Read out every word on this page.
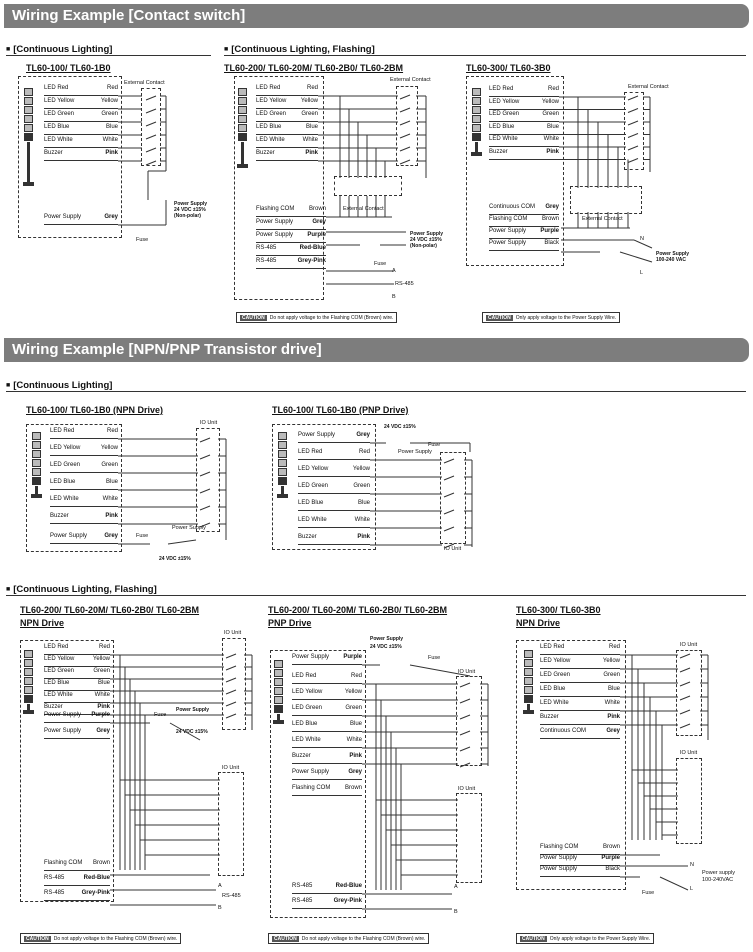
Wiring Example [Contact switch]
■ [Continuous Lighting]
■	[Continuous Lighting, Flashing]
TL60-100/ TL60-1B0
LED Red	Red
LED Yellow	Yellow
LED Green	Green
LED Blue	Blue
LED White	White
Buzzer	Pink
Power Supply	Grey
External Contact
Power Supply
24 VDC ±15%
(Non-polar)
Fuse
TL60-200/ TL60-20M/ TL60-2B0/ TL60-2BM
LED Red	Red
LED Yellow Yellow
LED Green	Green
LED Blue	Blue
LED White	White
Buzzer	Pink
Flashing COM Brown
Power Supply	Grey
Power Supply Purple
RS-485	Red-Blue
RS-485	Grey-Pink
External Contact
External Contact
Power Supply
24 VDC ±15%
(Non-polar)
Fuse
A
RS-485
B
CAUTION Do not apply voltage to the Flashing COM (Brown) wire.
TL60-300/ TL60-3B0
LED Red	Red
LED Yellow	Yellow
LED Green	Green
LED Blue	Blue
LED White	White
Buzzer	Pink
Continuous COM Grey
Flashing COM Brown
Power Supply Purple
Power Supply	Black
External Contact
External Contact
N
L
Power Supply
100-240 VAC
CAUTION Only apply voltage to the Power Supply Wire.
Wiring Example [NPN/PNP Transistor drive]
■ [Continuous Lighting]
TL60-100/ TL60-1B0 (NPN Drive)
LED Red	Red
LED Yellow	Yellow
LED Green	Green
LED Blue	Blue
LED White	White
Buzzer	Pink
Power Supply	Grey
IO Unit
Power Supply
Fuse
24 VDC ±15%
TL60-100/ TL60-1B0 (PNP Drive)
Power Supply	Grey
LED Red	Red
LED Yellow	Yellow
LED Green	Green
LED Blue	Blue
LED White	White
Buzzer	Pink
24 VDC ±15%
Power Supply
Fuse
IO Unit
■ [Continuous Lighting, Flashing]
TL60-200/ TL60-20M/ TL60-2B0/ TL60-2BM
NPN Drive
LED Red	Red
LED Yellow	Yellow
LED Green	Green
LED Blue	Blue
LED White	White
Buzzer	Pink
Power Supply Purple
Power Supply	Grey
Flashing COM Brown
RS-485	Red-Blue
RS-485	Grey-Pink
IO Unit
IO Unit
Fuse
Power Supply
24 VDC ±15%
A
RS-485
B
CAUTION Do not apply voltage to the Flashing COM (Brown) wire.
TL60-200/ TL60-20M/ TL60-2B0/ TL60-2BM
PNP Drive
Power Supply Purple
LED Red	Red
LED Yellow	Yellow
LED Green	Green
LED Blue	Blue
LED White	White
Buzzer	Pink
Power Supply	Grey
Flashing COM Brown
RS-485	Red-Blue
RS-485	Grey-Pink
Power Supply
24 VDC ±15%
Fuse
IO Unit
IO Unit
A
B
CAUTION Do not apply voltage to the Flashing COM (Brown) wire.
TL60-300/ TL60-3B0
NPN Drive
LED Red	Red
LED Yellow	Yellow
LED Green	Green
LED Blue	Blue
LED White	White
Buzzer	Pink
Continuous COM	Grey
Flashing COM	Brown
Power Supply	Purple
Power Supply	Black
IO Unit
IO Unit
N
L
Fuse
Power supply
100-240VAC
CAUTION Only apply voltage to the Power Supply Wire.
